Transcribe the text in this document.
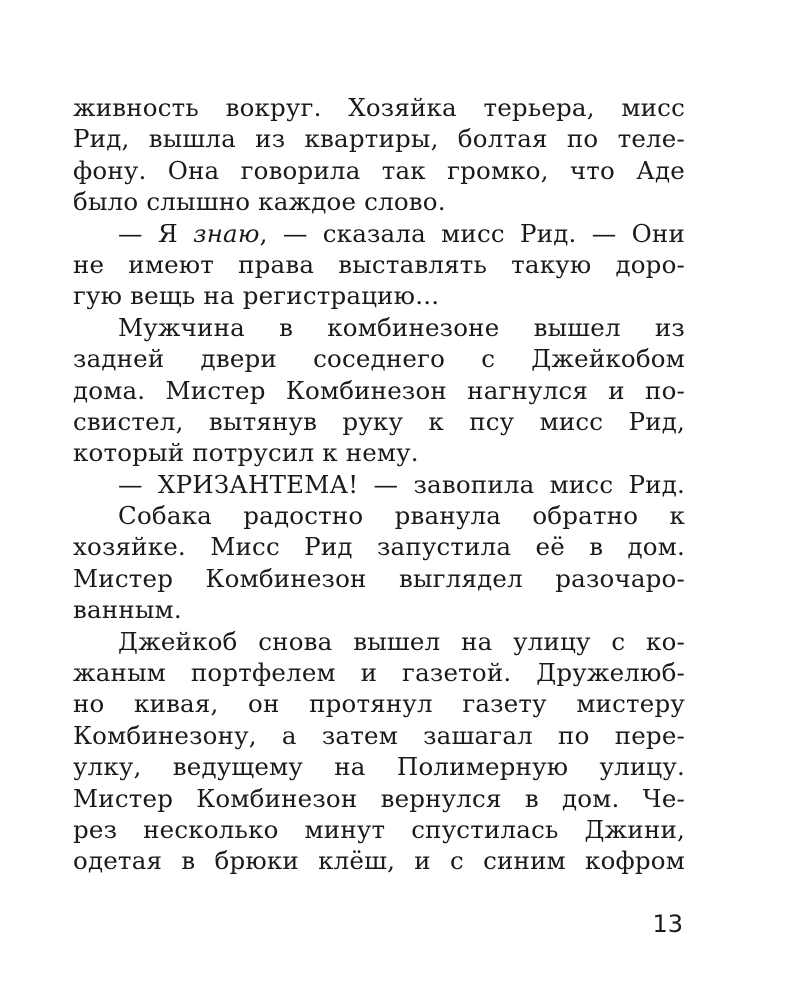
живность вокруг. Хозяйка терьера, мисс
Рид, вышла из квартиры, болтая по теле-
фону. Она говорила так громко, что Аде
было слышно каждое слово.
— Я знаю, — сказала мисс Рид. — Они
не имеют права выставлять такую доро-
гую вещь на регистрацию...
Мужчина в комбинезоне вышел из
задней двери соседнего с Джейкобом
дома. Мистер Комбинезон нагнулся и по-
свистел, вытянув руку к псу мисс Рид,
который потрусил к нему.
— ХРИЗАНТЕМА! — завопила мисс Рид.
Собака радостно рванула обратно к
хозяйке. Мисс Рид запустила её в дом.
Мистер Комбинезон выглядел разочаро-
ванным.
Джейкоб снова вышел на улицу с ко-
жаным портфелем и газетой. Дружелюб-
но кивая, он протянул газету мистеру
Комбинезону, а затем зашагал по пере-
улку, ведущему на Полимерную улицу.
Мистер Комбинезон вернулся в дом. Че-
рез несколько минут спустилась Джини,
одетая в брюки клёш, и с синим кофром
13
